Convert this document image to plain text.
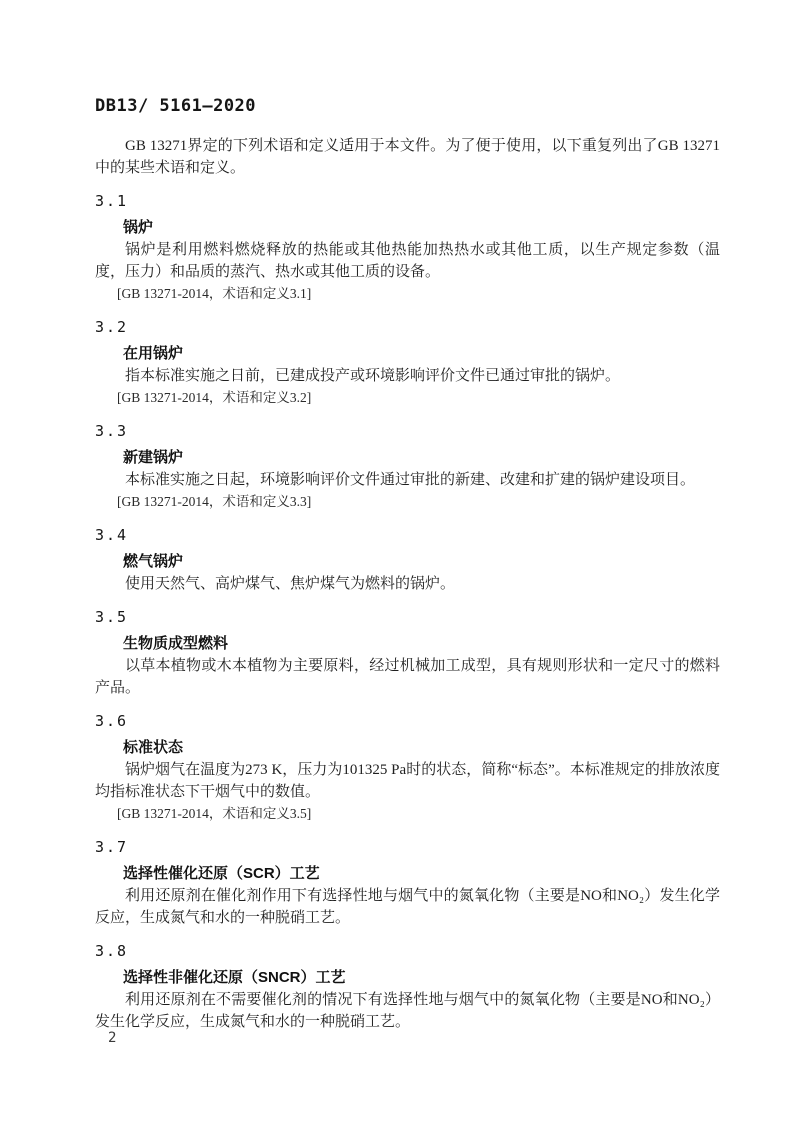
DB13/ 5161—2020

GB 13271界定的下列术语和定义适用于本文件。为了便于使用，以下重复列出了GB 13271中的某些术语和定义。

3.1
锅炉

锅炉是利用燃料燃烧释放的热能或其他热能加热热水或其他工质，以生产规定参数（温度，压力）和品质的蒸汽、热水或其他工质的设备。

[GB 13271-2014，术语和定义3.1]
3.2
在用锅炉

指本标准实施之日前，已建成投产或环境影响评价文件已通过审批的锅炉。

[GB 13271-2014，术语和定义3.2]
3.3
新建锅炉

本标准实施之日起，环境影响评价文件通过审批的新建、改建和扩建的锅炉建设项目。

[GB 13271-2014，术语和定义3.3]
3.4
燃气锅炉

使用天然气、高炉煤气、焦炉煤气为燃料的锅炉。

3.5
生物质成型燃料

以草本植物或木本植物为主要原料，经过机械加工成型，具有规则形状和一定尺寸的燃料产品。

3.6
标准状态

锅炉烟气在温度为273 K，压力为101325 Pa时的状态，简称“标态”。本标准规定的排放浓度均指标准状态下干烟气中的数值。

[GB 13271-2014，术语和定义3.5]
3.7
选择性催化还原（SCR）工艺

利用还原剂在催化剂作用下有选择性地与烟气中的氮氧化物（主要是NO和NO₂）发生化学反应，生成氮气和水的一种脱硝工艺。

3.8
选择性非催化还原（SNCR）工艺

利用还原剂在不需要催化剂的情况下有选择性地与烟气中的氮氧化物（主要是NO和NO₂）发生化学反应，生成氮气和水的一种脱硝工艺。

2
